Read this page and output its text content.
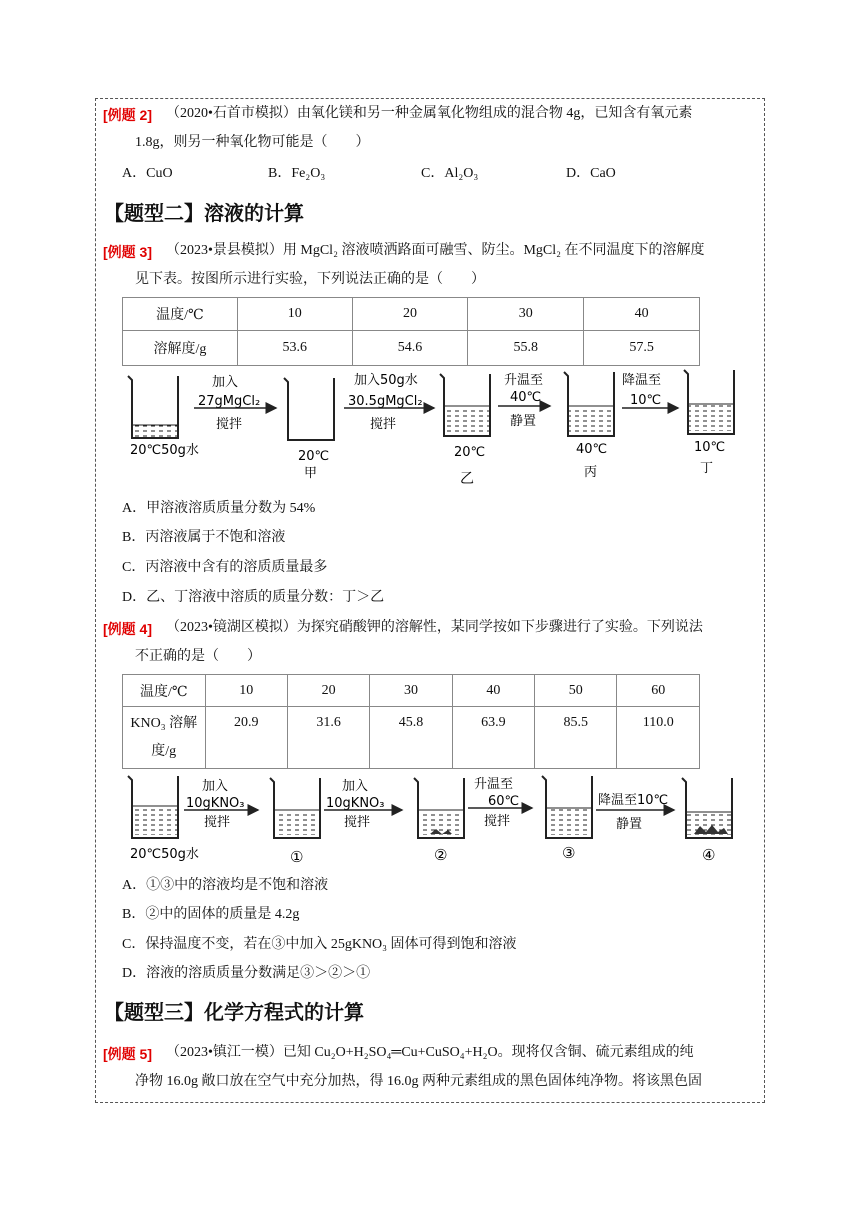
[例题 2] （2020•石首市模拟）由氧化镁和另一种金属氧化物组成的混合物 4g，已知含有氧元素
1.8g，则另一种氧化物可能是（　　）
A．CuO	B．Fe₂O₃	C．Al₂O₃	D．CaO
【题型二】溶液的计算
[例题 3] （2023•景县模拟）用 MgCl₂ 溶液喷洒路面可融雪、防尘。MgCl₂ 在不同温度下的溶解度
见下表。按图所示进行实验，下列说法正确的是（　　）
温度/℃	10	20	30	40
溶解度/g	53.6	54.6	55.8	57.5
20℃50g水
加入
27gMgCl₂
搅拌
20℃
甲
加入50g水
30.5gMgCl₂
搅拌
20℃
乙
升温至
40℃
静置
40℃
丙
降温至
10℃
10℃
丁
A．甲溶液溶质质量分数为 54%
B．丙溶液属于不饱和溶液
C．丙溶液中含有的溶质质量最多
D．乙、丁溶液中溶质的质量分数：丁＞乙
[例题 4] （2023•镜湖区模拟）为探究硝酸钾的溶解性，某同学按如下步骤进行了实验。下列说法
不正确的是（　　）
温度/℃	10	20	30	40	50	60

KNO₃ 溶解
度/g	20.9	31.6	45.8	63.9	85.5	110.0
20℃50g水
加入
10gKNO₃
搅拌
①
加入
10gKNO₃
搅拌
②
升温至
60℃
搅拌
③
降温至10℃
静置
④
A．①③中的溶液均是不饱和溶液
B．②中的固体的质量是 4.2g
C．保持温度不变，若在③中加入 25gKNO₃ 固体可得到饱和溶液
D．溶液的溶质质量分数满足③＞②＞①
【题型三】化学方程式的计算
[例题 5] （2023•镇江一模）已知 Cu₂O+H₂SO₄═Cu+CuSO₄+H₂O。现将仅含铜、硫元素组成的纯
净物 16.0g 敞口放在空气中充分加热，得 16.0g 两种元素组成的黑色固体纯净物。将该黑色固
